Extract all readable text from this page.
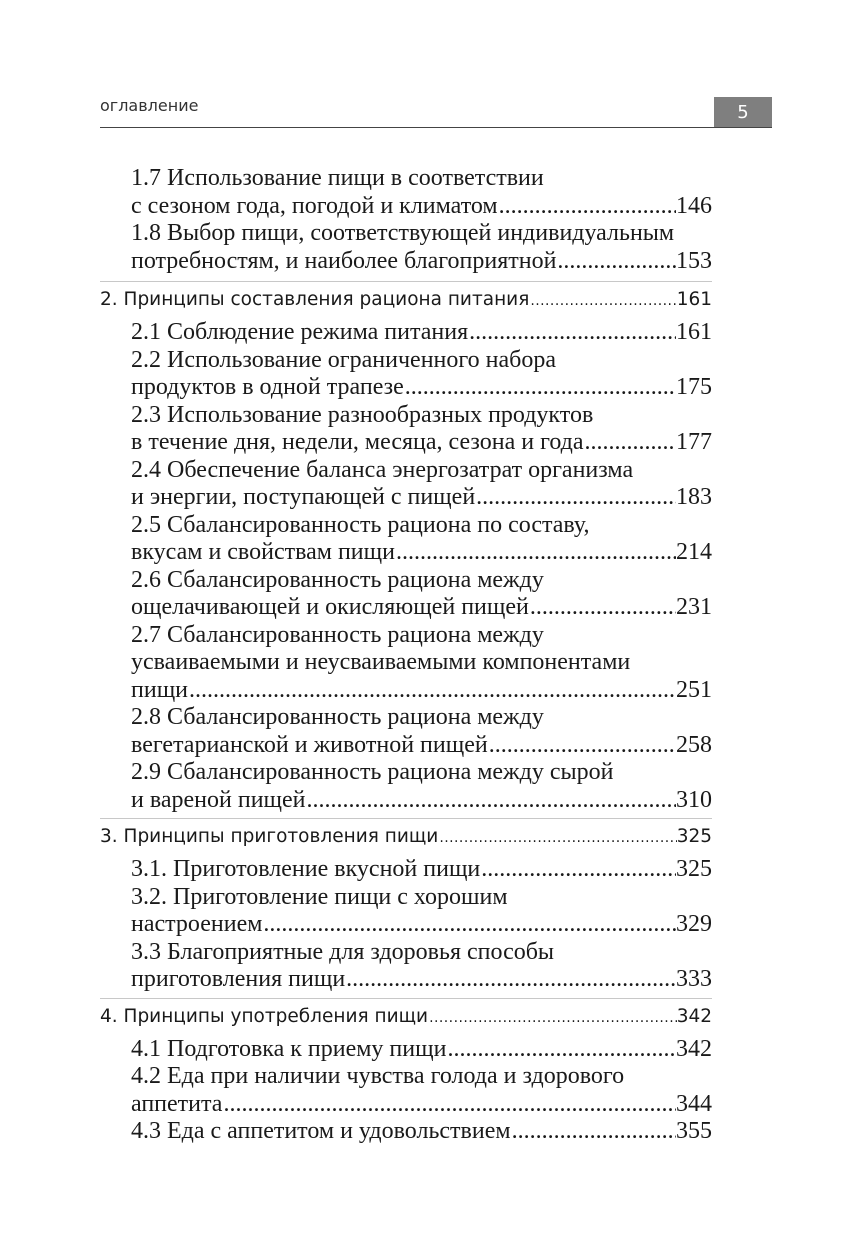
оглавление	5
1.7 Использование пищи в соответствии
с сезоном года, погодой и климатом . . .	146
1.8 Выбор пищи, соответствующей индивидуальным
потребностям, и наиболее благоприятной . . .	153
2. Принципы составления рациона питания . . .	161
2.1 Соблюдение режима питания . . .	161
2.2 Использование ограниченного набора
продуктов в одной трапезе . . .	175
2.3 Использование разнообразных продуктов
в течение дня, недели, месяца, сезона и года . . .	177
2.4 Обеспечение баланса энергозатрат организма
и энергии, поступающей с пищей . . .	183
2.5 Сбалансированность рациона по составу,
вкусам и свойствам пищи . . .	214
2.6 Сбалансированность рациона между
ощелачивающей и окисляющей пищей . . .	231
2.7 Сбалансированность рациона между
усваиваемыми и неусваиваемыми компонентами
пищи . . .	251
2.8 Сбалансированность рациона между
вегетарианской и животной пищей . . .	258
2.9 Сбалансированность рациона между сырой
и вареной пищей . . .	310
3. Принципы приготовления пищи . . .	325
3.1. Приготовление вкусной пищи . . .	325
3.2. Приготовление пищи с хорошим
настроением . . .	329
3.3 Благоприятные для здоровья способы
приготовления пищи . . .	333
4. Принципы употребления пищи . . .	342
4.1 Подготовка к приему пищи . . .	342
4.2 Еда при наличии чувства голода и здорового
аппетита . . .	344
4.3 Еда с аппетитом и удовольствием . . .	355
